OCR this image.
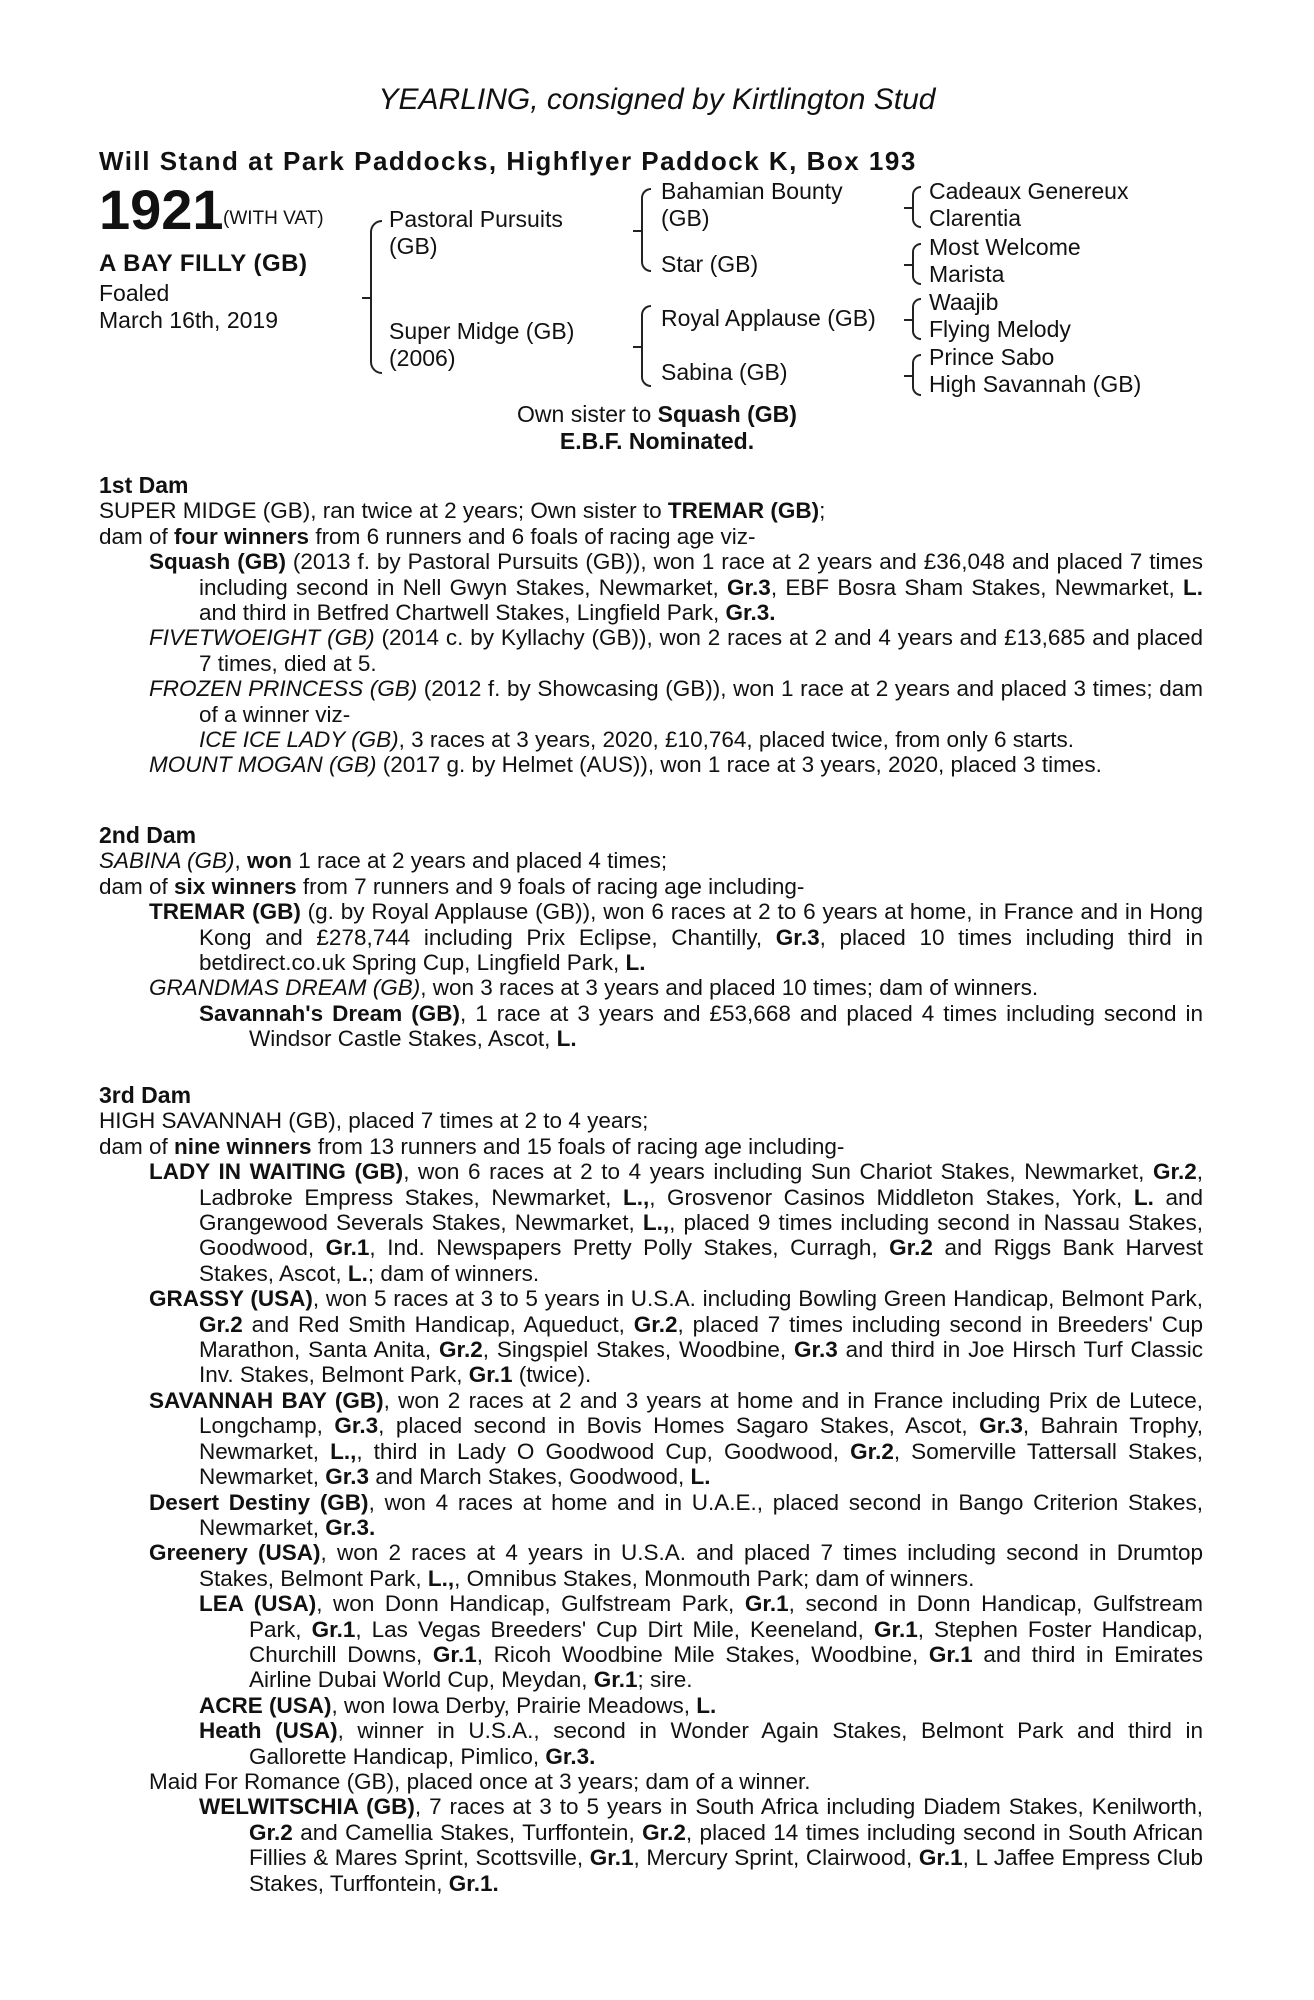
YEARLING, consigned by Kirtlington Stud
Will Stand at Park Paddocks, Highflyer Paddock K, Box 193
1921 (WITH VAT)
A BAY FILLY (GB)
Foaled
March 16th, 2019
Pastoral Pursuits
(GB)
Super Midge (GB)
(2006)
Bahamian Bounty
(GB)
Star (GB)
Royal Applause (GB)
Sabina (GB)
Cadeaux Genereux
Clarentia
Most Welcome
Marista
Waajib
Flying Melody
Prince Sabo
High Savannah (GB)
Own sister to Squash (GB)
E.B.F. Nominated.
1st Dam
SUPER MIDGE (GB), ran twice at 2 years; Own sister to TREMAR (GB);
dam of four winners from 6 runners and 6 foals of racing age viz-
Squash (GB) (2013 f. by Pastoral Pursuits (GB)), won 1 race at 2 years and £36,048 and placed 7 times including second in Nell Gwyn Stakes, Newmarket, Gr.3, EBF Bosra Sham Stakes, Newmarket, L. and third in Betfred Chartwell Stakes, Lingfield Park, Gr.3.
FIVETWOEIGHT (GB) (2014 c. by Kyllachy (GB)), won 2 races at 2 and 4 years and £13,685 and placed 7 times, died at 5.
FROZEN PRINCESS (GB) (2012 f. by Showcasing (GB)), won 1 race at 2 years and placed 3 times; dam of a winner viz-
ICE ICE LADY (GB), 3 races at 3 years, 2020, £10,764, placed twice, from only 6 starts.
MOUNT MOGAN (GB) (2017 g. by Helmet (AUS)), won 1 race at 3 years, 2020, placed 3 times.
2nd Dam
SABINA (GB), won 1 race at 2 years and placed 4 times;
dam of six winners from 7 runners and 9 foals of racing age including-
TREMAR (GB) (g. by Royal Applause (GB)), won 6 races at 2 to 6 years at home, in France and in Hong Kong and £278,744 including Prix Eclipse, Chantilly, Gr.3, placed 10 times including third in betdirect.co.uk Spring Cup, Lingfield Park, L.
GRANDMAS DREAM (GB), won 3 races at 3 years and placed 10 times; dam of winners.
Savannah's Dream (GB), 1 race at 3 years and £53,668 and placed 4 times including second in Windsor Castle Stakes, Ascot, L.
3rd Dam
HIGH SAVANNAH (GB), placed 7 times at 2 to 4 years;
dam of nine winners from 13 runners and 15 foals of racing age including-
LADY IN WAITING (GB), won 6 races at 2 to 4 years including Sun Chariot Stakes, Newmarket, Gr.2, Ladbroke Empress Stakes, Newmarket, L.,, Grosvenor Casinos Middleton Stakes, York, L. and Grangewood Severals Stakes, Newmarket, L.,, placed 9 times including second in Nassau Stakes, Goodwood, Gr.1, Ind. Newspapers Pretty Polly Stakes, Curragh, Gr.2 and Riggs Bank Harvest Stakes, Ascot, L.; dam of winners.
GRASSY (USA), won 5 races at 3 to 5 years in U.S.A. including Bowling Green Handicap, Belmont Park, Gr.2 and Red Smith Handicap, Aqueduct, Gr.2, placed 7 times including second in Breeders' Cup Marathon, Santa Anita, Gr.2, Singspiel Stakes, Woodbine, Gr.3 and third in Joe Hirsch Turf Classic Inv. Stakes, Belmont Park, Gr.1 (twice).
SAVANNAH BAY (GB), won 2 races at 2 and 3 years at home and in France including Prix de Lutece, Longchamp, Gr.3, placed second in Bovis Homes Sagaro Stakes, Ascot, Gr.3, Bahrain Trophy, Newmarket, L.,, third in Lady O Goodwood Cup, Goodwood, Gr.2, Somerville Tattersall Stakes, Newmarket, Gr.3 and March Stakes, Goodwood, L.
Desert Destiny (GB), won 4 races at home and in U.A.E., placed second in Bango Criterion Stakes, Newmarket, Gr.3.
Greenery (USA), won 2 races at 4 years in U.S.A. and placed 7 times including second in Drumtop Stakes, Belmont Park, L.,, Omnibus Stakes, Monmouth Park; dam of winners.
LEA (USA), won Donn Handicap, Gulfstream Park, Gr.1, second in Donn Handicap, Gulfstream Park, Gr.1, Las Vegas Breeders' Cup Dirt Mile, Keeneland, Gr.1, Stephen Foster Handicap, Churchill Downs, Gr.1, Ricoh Woodbine Mile Stakes, Woodbine, Gr.1 and third in Emirates Airline Dubai World Cup, Meydan, Gr.1; sire.
ACRE (USA), won Iowa Derby, Prairie Meadows, L.
Heath (USA), winner in U.S.A., second in Wonder Again Stakes, Belmont Park and third in Gallorette Handicap, Pimlico, Gr.3.
Maid For Romance (GB), placed once at 3 years; dam of a winner.
WELWITSCHIA (GB), 7 races at 3 to 5 years in South Africa including Diadem Stakes, Kenilworth, Gr.2 and Camellia Stakes, Turffontein, Gr.2, placed 14 times including second in South African Fillies & Mares Sprint, Scottsville, Gr.1, Mercury Sprint, Clairwood, Gr.1, L Jaffee Empress Club Stakes, Turffontein, Gr.1.
